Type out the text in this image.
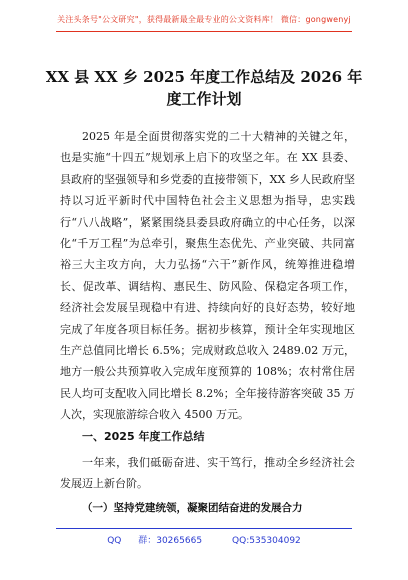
关注头条号"公文研究"，获得最新最全最专业的公文资料库！ 微信：gongwenyj
XX 县 XX 乡 2025 年度工作总结及 2026 年度工作计划

2025 年是全面贯彻落实党的二十大精神的关键之年，也是实施“十四五”规划承上启下的攻坚之年。在 XX 县委、县政府的坚强领导和乡党委的直接带领下，XX 乡人民政府坚持以习近平新时代中国特色社会主义思想为指导，忠实践行“八八战略”，紧紧围绕县委县政府确立的中心任务，以深化“千万工程”为总牵引，聚焦生态优先、产业突破、共同富裕三大主攻方向，大力弘扬“六干”新作风，统筹推进稳增长、促改革、调结构、惠民生、防风险、保稳定各项工作，经济社会发展呈现稳中有进、持续向好的良好态势，较好地完成了年度各项目标任务。据初步核算，预计全年实现地区生产总值同比增长 6.5%；完成财政总收入 2489.02 万元，地方一般公共预算收入完成年度预算的 108%；农村常住居民人均可支配收入同比增长 8.2%；全年接待游客突破 35 万人次，实现旅游综合收入 4500 万元。

一、2025 年度工作总结

一年来，我们砥砺奋进、实干笃行，推动全乡经济社会发展迈上新台阶。

（一）坚持党建统领，凝聚团结奋进的发展合力
QQ 群：30265665	QQ:535304092
